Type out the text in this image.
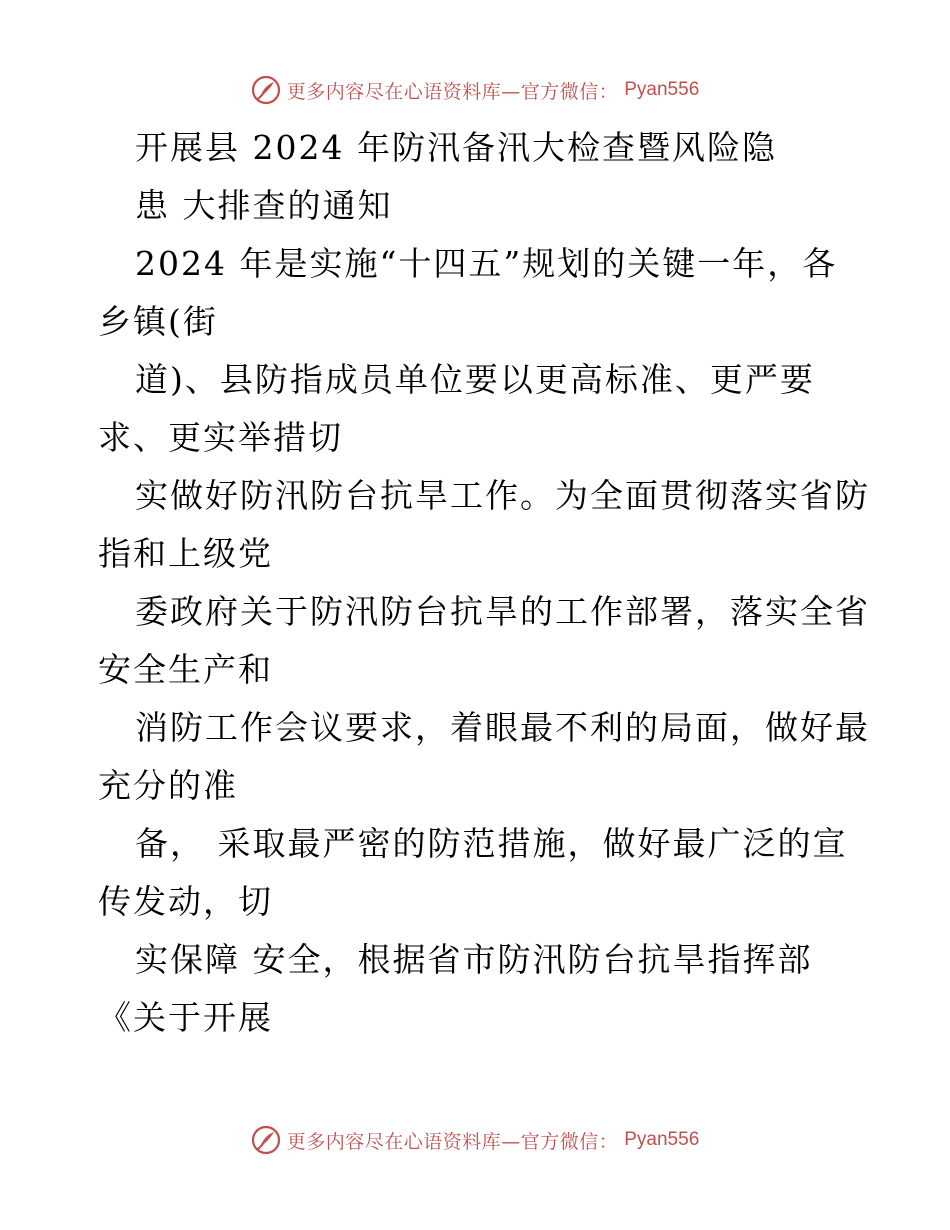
更多内容尽在心语资料库—官方微信： Pyan556
开展县 2024 年防汛备汛大检查暨风险隐
患 大排查的通知
2024 年是实施“十四五”规划的关键一年，各
乡镇(街
道)、县防指成员单位要以更高标准、更严要
求、更实举措切
实做好防汛防台抗旱工作。为全面贯彻落实省防
指和上级党
委政府关于防汛防台抗旱的工作部署，落实全省
安全生产和
消防工作会议要求，着眼最不利的局面，做好最
充分的准
备， 采取最严密的防范措施，做好最广泛的宣
传发动，切
实保障 安全，根据省市防汛防台抗旱指挥部
《关于开展
更多内容尽在心语资料库—官方微信： Pyan556
